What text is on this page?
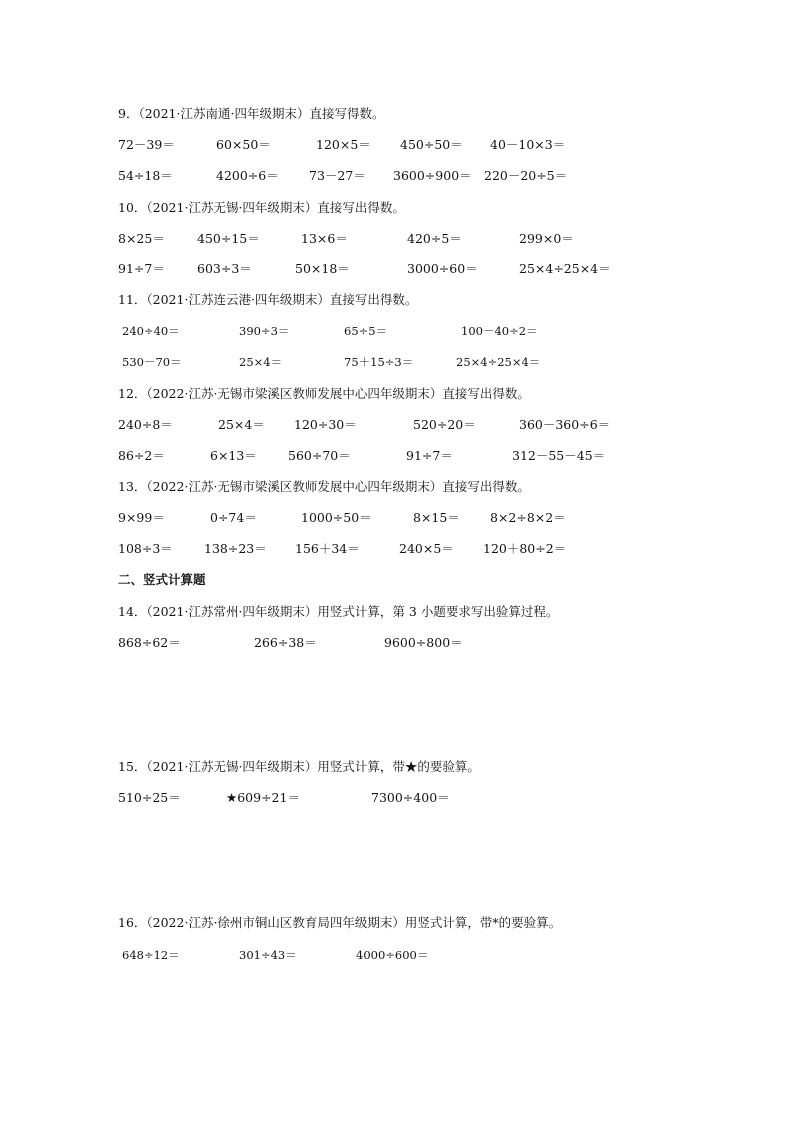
9．（2021·江苏南通·四年级期末）直接写得数。
72－39＝	60×50＝	120×5＝ 450÷50＝ 40－10×3＝
54÷18＝	4200÷6＝ 73－27＝ 3600÷900＝ 220－20÷5＝
10．（2021·江苏无锡·四年级期末）直接写出得数。
8×25＝	450÷15＝	13×6＝	420÷5＝	299×0＝
91÷7＝	603÷3＝	50×18＝	3000÷60＝	25×4÷25×4＝
11．（2021·江苏连云港·四年级期末）直接写出得数。
240÷40＝	390÷3＝	65÷5＝	100－40÷2＝
530－70＝	25×4＝	75＋15÷3＝	25×4÷25×4＝
12．（2022·江苏·无锡市梁溪区教师发展中心四年级期末）直接写出得数。
240÷8＝	25×4＝ 120÷30＝	520÷20＝	360－360÷6＝
86÷2＝	6×13＝ 560÷70＝	91÷7＝	312－55－45＝
13．（2022·江苏·无锡市梁溪区教师发展中心四年级期末）直接写出得数。
9×99＝	0÷74＝	1000÷50＝	8×15＝ 8×2÷8×2＝
108÷3＝ 138÷23＝ 156＋34＝	240×5＝ 120＋80÷2＝
二、竖式计算题
14．（2021·江苏常州·四年级期末）用竖式计算，第 3 小题要求写出验算过程。
868÷62＝	266÷38＝	9600÷800＝
15．（2021·江苏无锡·四年级期末）用竖式计算，带★的要验算。
510÷25＝	★609÷21＝	7300÷400＝
16．（2022·江苏·徐州市铜山区教育局四年级期末）用竖式计算，带*的要验算。
648÷12＝	301÷43＝	4000÷600＝
